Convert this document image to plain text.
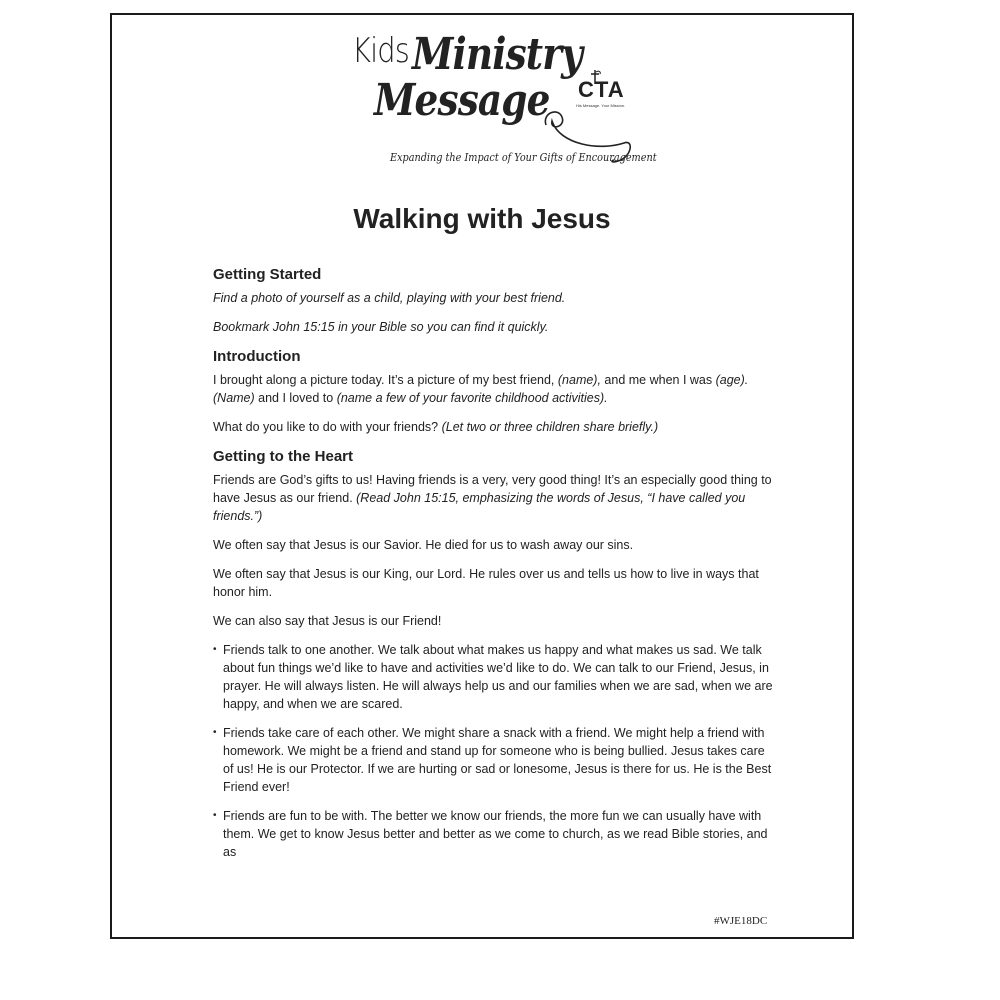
Kids Ministry
Message CTA
His Message. Your Mission.
Expanding the Impact of Your Gifts of Encouragement
Walking with Jesus
Getting Started

Find a photo of yourself as a child, playing with your best friend.

Bookmark John 15:15 in your Bible so you can find it quickly.

Introduction

I brought along a picture today. It’s a picture of my best friend, (name), and me when I was (age).
(Name) and I loved to (name a few of your favorite childhood activities).

What do you like to do with your friends? (Let two or three children share briefly.)

Getting to the Heart

Friends are God’s gifts to us! Having friends is a very, very good thing! It’s an especially good thing to have Jesus as our friend. (Read John 15:15, emphasizing the words of Jesus, “I have called you friends.”)

We often say that Jesus is our Savior. He died for us to wash away our sins.

We often say that Jesus is our King, our Lord. He rules over us and tells us how to live in ways that honor him.

We can also say that Jesus is our Friend!

• Friends talk to one another. We talk about what makes us happy and what makes us sad. We talk about fun things we’d like to have and activities we’d like to do. We can talk to our Friend, Jesus, in prayer. He will always listen. He will always help us and our families when we are sad, when we are happy, and when we are scared.
• Friends take care of each other. We might share a snack with a friend. We might help a friend with homework. We might be a friend and stand up for someone who is being bullied. Jesus takes care of us! He is our Protector. If we are hurting or sad or lonesome, Jesus is there for us. He is the Best Friend ever!
• Friends are fun to be with. The better we know our friends, the more fun we can usually have with them. We get to know Jesus better and better as we come to church, as we read Bible stories, and as
#WJE18DC
